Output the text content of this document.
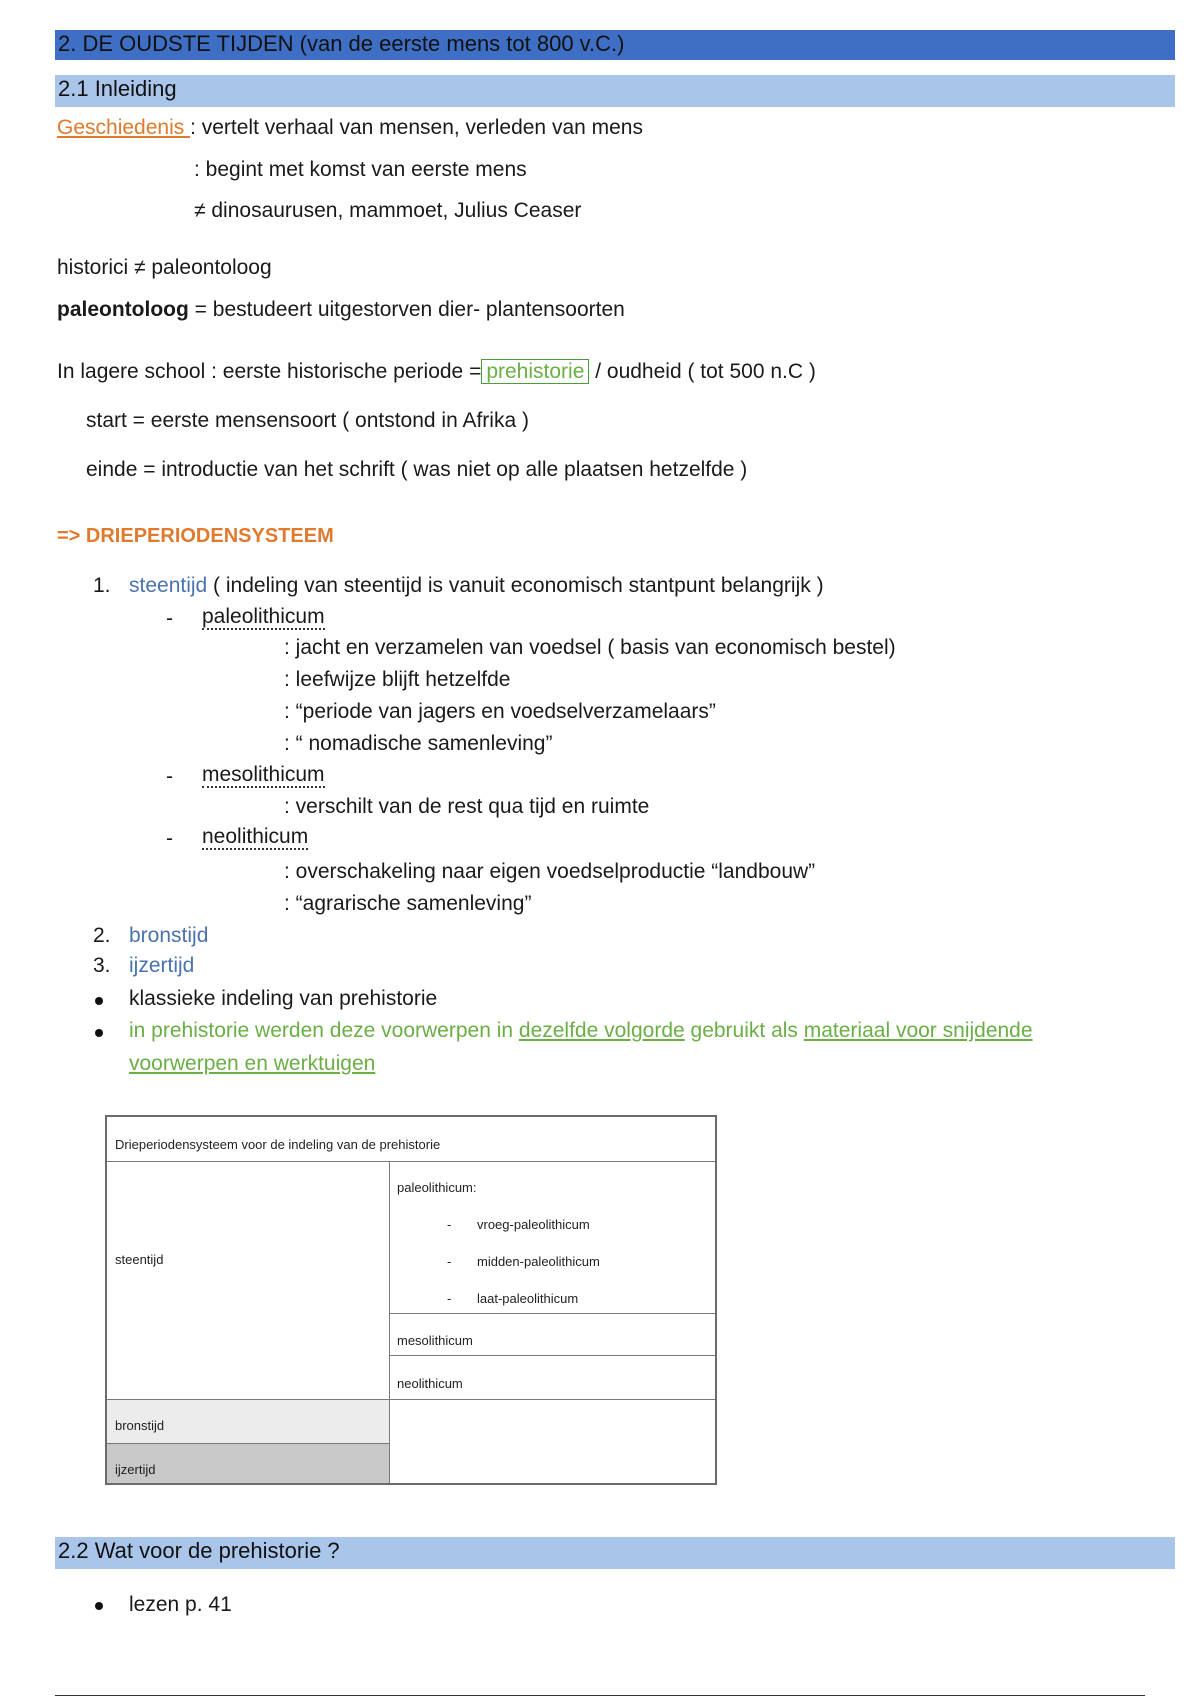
2. DE OUDSTE TIJDEN (van de eerste mens tot 800 v.C.)
2.1 Inleiding
Geschiedenis : vertelt verhaal van mensen, verleden van mens
: begint met komst van eerste mens
≠ dinosaurusen, mammoet, Julius Ceaser
historici ≠ paleontoloog
paleontoloog = bestudeert uitgestorven dier- plantensoorten
In lagere school : eerste historische periode = prehistorie / oudheid ( tot 500 n.C )
start = eerste mensensoort ( ontstond in Afrika )
einde = introductie van het schrift ( was niet op alle plaatsen hetzelfde )
=> DRIEPERIODENSYSTEEM
1. steentijd ( indeling van steentijd is vanuit economisch stantpunt belangrijk )
- paleolithicum
: jacht en verzamelen van voedsel ( basis van economisch bestel)
: leefwijze blijft hetzelfde
: “periode van jagers en voedselverzamelaars”
: “ nomadische samenleving”
- mesolithicum
: verschilt van de rest qua tijd en ruimte
- neolithicum
: overschakeling naar eigen voedselproductie “landbouw”
: “agrarische samenleving”
2. bronstijd
3. ijzertijd
klassieke indeling van prehistorie
in prehistorie werden deze voorwerpen in dezelfde volgorde gebruikt als materiaal voor snijdende
voorwerpen en werktuigen
Drieperiodensysteem voor de indeling van de prehistorie
steentijd
paleolithicum:
- vroeg-paleolithicum
- midden-paleolithicum
- laat-paleolithicum
mesolithicum
neolithicum
bronstijd
ijzertijd
2.2 Wat voor de prehistorie ?
lezen p. 41
